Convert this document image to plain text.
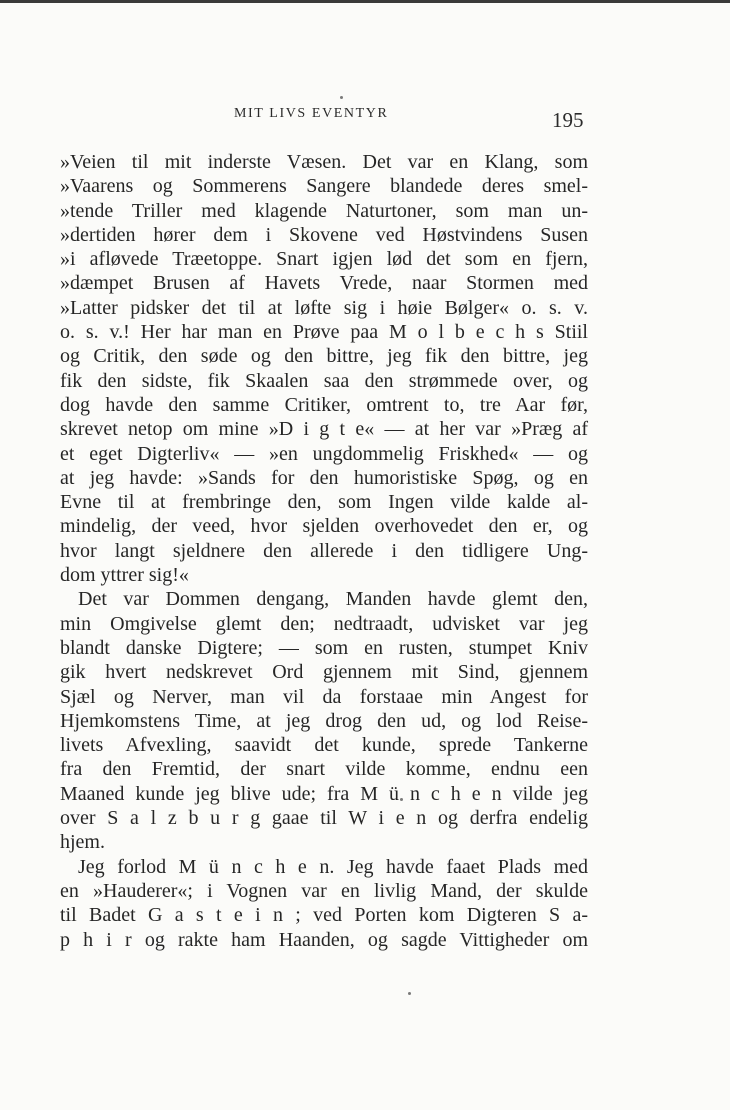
MIT LIVS EVENTYR	195
»Veien til mit inderste Væsen. Det var en Klang, som
»Vaarens og Sommerens Sangere blandede deres smel-
»tende Triller med klagende Naturtoner, som man un-
»dertiden hører dem i Skovene ved Høstvindens Susen
»i afløvede Træetoppe. Snart igjen lød det som en fjern,
»dæmpet Brusen af Havets Vrede, naar Stormen med
»Latter pidsker det til at løfte sig i høie Bølger« o. s. v.
o. s. v.! Her har man en Prøve paa M o l b e c h s Stiil
og Critik, den søde og den bittre, jeg fik den bittre, jeg
fik den sidste, fik Skaalen saa den strømmede over, og
dog havde den samme Critiker, omtrent to, tre Aar før,
skrevet netop om mine »D i g t e« — at her var »Præg af
et eget Digterliv« — »en ungdommelig Friskhed« — og
at jeg havde: »Sands for den humoristiske Spøg, og en
Evne til at frembringe den, som Ingen vilde kalde al-
mindelig, der veed, hvor sjelden overhovedet den er, og
hvor langt sjeldnere den allerede i den tidligere Ung-
dom yttrer sig!«
Det var Dommen dengang, Manden havde glemt den,
min Omgivelse glemt den; nedtraadt, udvisket var jeg
blandt danske Digtere; — som en rusten, stumpet Kniv
gik hvert nedskrevet Ord gjennem mit Sind, gjennem
Sjæl og Nerver, man vil da forstaae min Angest for
Hjemkomstens Time, at jeg drog den ud, og lod Reise-
livets Afvexling, saavidt det kunde, sprede Tankerne
fra den Fremtid, der snart vilde komme, endnu een
Maaned kunde jeg blive ude; fra M ü n c h e n vilde jeg
over S a l z b u r g gaae til W i e n og derfra endelig
hjem.
Jeg forlod M ü n c h e n. Jeg havde faaet Plads med
en »Hauderer«; i Vognen var en livlig Mand, der skulde
til Badet G a s t e i n ; ved Porten kom Digteren S a-
p h i r og rakte ham Haanden, og sagde Vittigheder om
